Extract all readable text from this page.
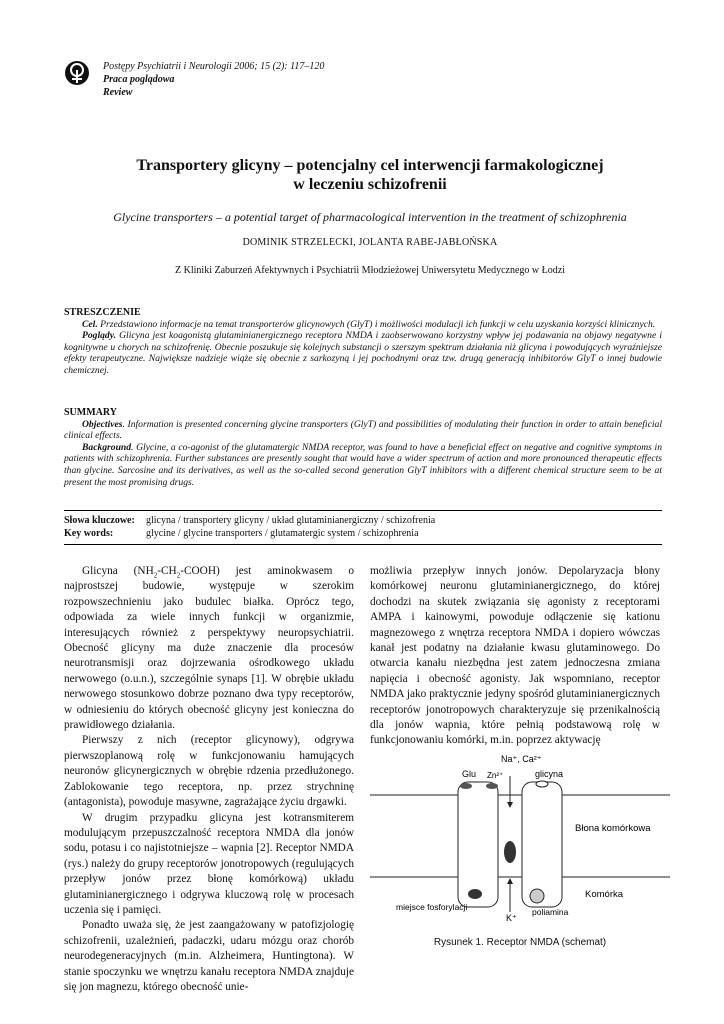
Postępy Psychiatrii i Neurologii 2006; 15 (2): 117–120
Praca poglądowa
Review
Transportery glicyny – potencjalny cel interwencji farmakologicznej
w leczeniu schizofrenii
Glycine transporters – a potential target of pharmacological intervention in the treatment of schizophrenia
DOMINIK STRZELECKI, JOLANTA RABE-JABŁOŃSKA
Z Kliniki Zaburzeń Afektywnych i Psychiatrii Młodzieżowej Uniwersytetu Medycznego w Łodzi
STRESZCZENIE
Cel. Przedstawiono informacje na temat transporterów glicynowych (GlyT) i możliwości modulacji ich funkcji w celu uzyskania korzyści klinicznych.
Poglądy. Glicyna jest koagonistą glutaminianergicznego receptora NMDA i zaobserwowano korzystny wpływ jej podawania na objawy negatywne i kognitywne u chorych na schizofrenię. Obecnie poszukuje się kolejnych substancji o szerszym spektrum działania niż glicyna i powodujących wyraźniejsze efekty terapeutyczne. Największe nadzieje wiąże się obecnie z sarkozyną i jej pochodnymi oraz tzw. drugą generacją inhibitorów GlyT o innej budowie chemicznej.
SUMMARY
Objectives. Information is presented concerning glycine transporters (GlyT) and possibilities of modulating their function in order to attain beneficial clinical effects.
Background. Glycine, a co-agonist of the glutamatergic NMDA receptor, was found to have a beneficial effect on negative and cognitive symptoms in patients with schizophrenia. Further substances are presently sought that would have a wider spectrum of action and more pronounced therapeutic effects than glycine. Sarcosine and its derivatives, as well as the so-called second generation GlyT inhibitors with a different chemical structure seem to be at present the most promising drugs.
Słowa kluczowe:	glicyna / transportery glicyny / układ glutaminianergiczny / schizofrenia
Key words:	glycine / glycine transporters / glutamatergic system / schizophrenia

Glicyna $(NH_2-CH_2-COOH)$ jest aminokwasem o najprostszej budowie, występuje w szerokim rozpowszechnieniu jako budulec białka. Oprócz tego, odpowiada za wiele innych funkcji w organizmie, interesujących również z perspektywy neuropsychiatrii. Obecność glicyny ma duże znaczenie dla procesów neurotransmisji oraz dojrzewania ośrodkowego układu nerwowego (o.u.n.), szczególnie synaps [1]. W obrębie układu nerwowego stosunkowo dobrze poznano dwa typy receptorów, w odniesieniu do których obecność glicyny jest konieczna do prawidłowego działania.

Pierwszy z nich (receptor glicynowy), odgrywa pierwszoplanową rolę w funkcjonowaniu hamujących neuronów glicynergicznych w obrębie rdzenia przedłużonego. Zablokowanie tego receptora, np. przez strychninę (antagonista), powoduje masywne, zagrażające życiu drgawki.

W drugim przypadku glicyna jest kotransmiterem modulującym przepuszczalność receptora NMDA dla jonów sodu, potasu i co najistotniejsze – wapnia [2]. Receptor NMDA (rys.) należy do grupy receptorów jonotropowych (regulujących przepływ jonów przez błonę komórkową) układu glutaminianergicznego i odgrywa kluczową rolę w procesach uczenia się i pamięci.

Ponadto uważa się, że jest zaangażowany w patofizjologię schizofrenii, uzależnień, padaczki, udaru mózgu oraz chorób neurodegeneracyjnych (m.in. Alzheimera, Huntingtona). W stanie spoczynku we wnętrzu kanału receptora NMDA znajduje się jon magnezu, którego obecność unie-

możliwia przepływ innych jonów. Depolaryzacja błony komórkowej neuronu glutaminianergicznego, do której dochodzi na skutek związania się agonisty z receptorami AMPA i kainowymi, powoduje odłączenie się kationu magnezowego z wnętrza receptora NMDA i dopiero wówczas kanał jest podatny na działanie kwasu glutaminowego. Do otwarcia kanału niezbędna jest zatem jednoczesna zmiana napięcia i obecność agonisty. Jak wspomniano, receptor NMDA jako praktycznie jedyny spośród glutaminianergicznych receptorów jonotropowych charakteryzuje się przenikalnością dla jonów wapnia, które pełnią podstawową rolę w funkcjonowaniu komórki, m.in. poprzez aktywację

Na⁺, Ca²⁺
Glu Zn²⁺	glicyna
Błona komórkowa
Komórka
miejsce fosforylacji	poliamina
K⁺
Rysunek 1. Receptor NMDA (schemat)
